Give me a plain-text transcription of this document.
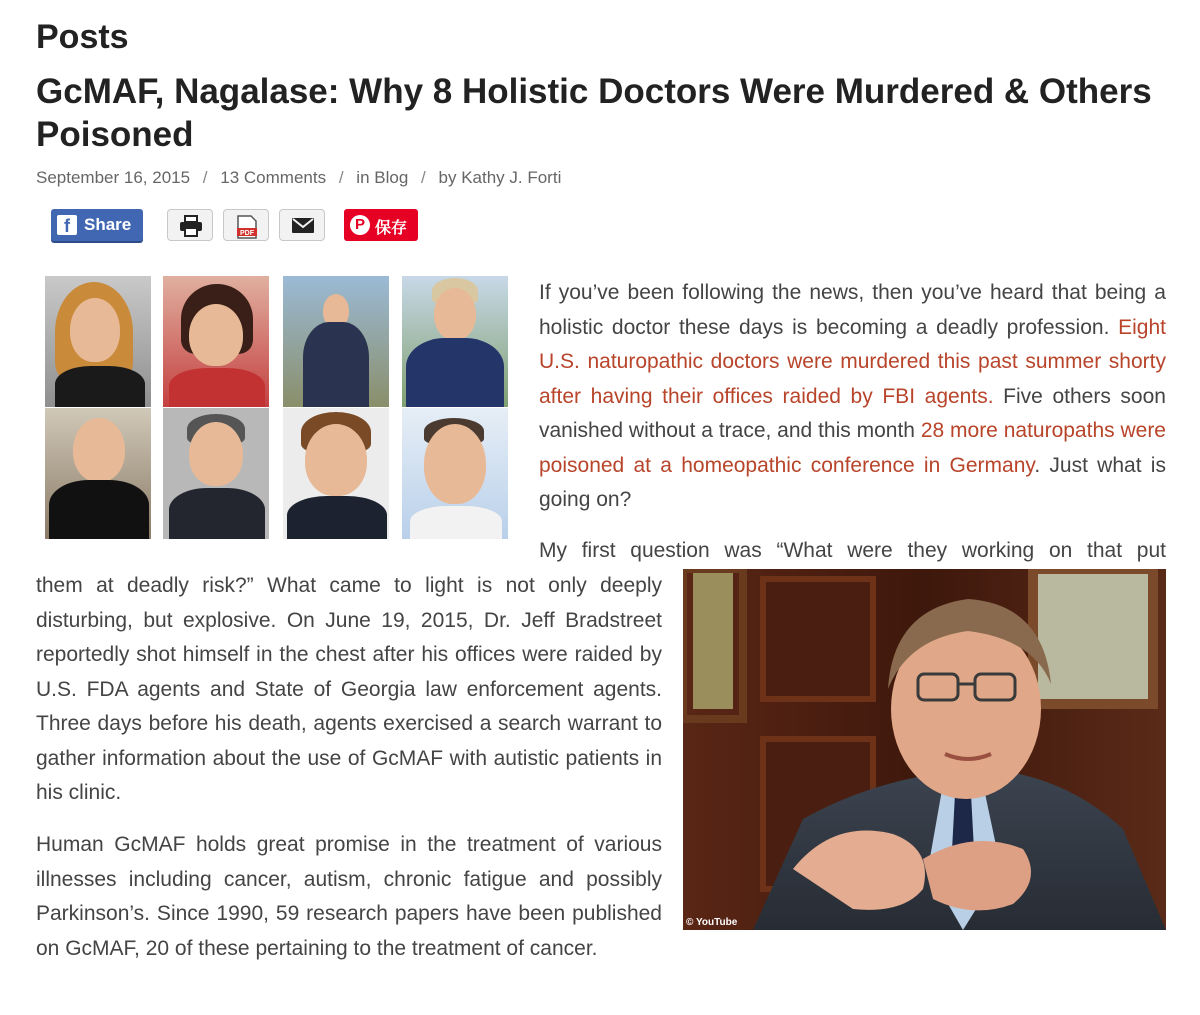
Posts
GcMAF, Nagalase: Why 8 Holistic Doctors Were Murdered & Others Poisoned
September 16, 2015 / 13 Comments / in Blog / by Kathy J. Forti
f Share	PDF
P 保存

If you’ve been following the news, then you’ve heard that being a holistic doctor these days is becoming a deadly profession. Eight U.S. naturopathic doctors were murdered this past summer shorty after having their offices raided by FBI agents. Five others soon vanished without a trace, and this month 28 more naturopaths were poisoned at a homeopathic conference in Germany. Just what is going on?

My first question was “What were they working on that put

them at deadly risk?” What came to light is not only deeply disturbing, but explosive. On June 19, 2015, Dr. Jeff Bradstreet reportedly shot himself in the chest after his offices were raided by U.S. FDA agents and State of Georgia law enforcement agents. Three days before his death, agents exercised a search warrant to gather information about the use of GcMAF with autistic patients in his clinic.

Human GcMAF holds great promise in the treatment of various illnesses including cancer, autism, chronic fatigue and possibly Parkinson’s. Since 1990, 59 research papers have been published on GcMAF, 20 of these pertaining to the treatment of cancer.

© YouTube
